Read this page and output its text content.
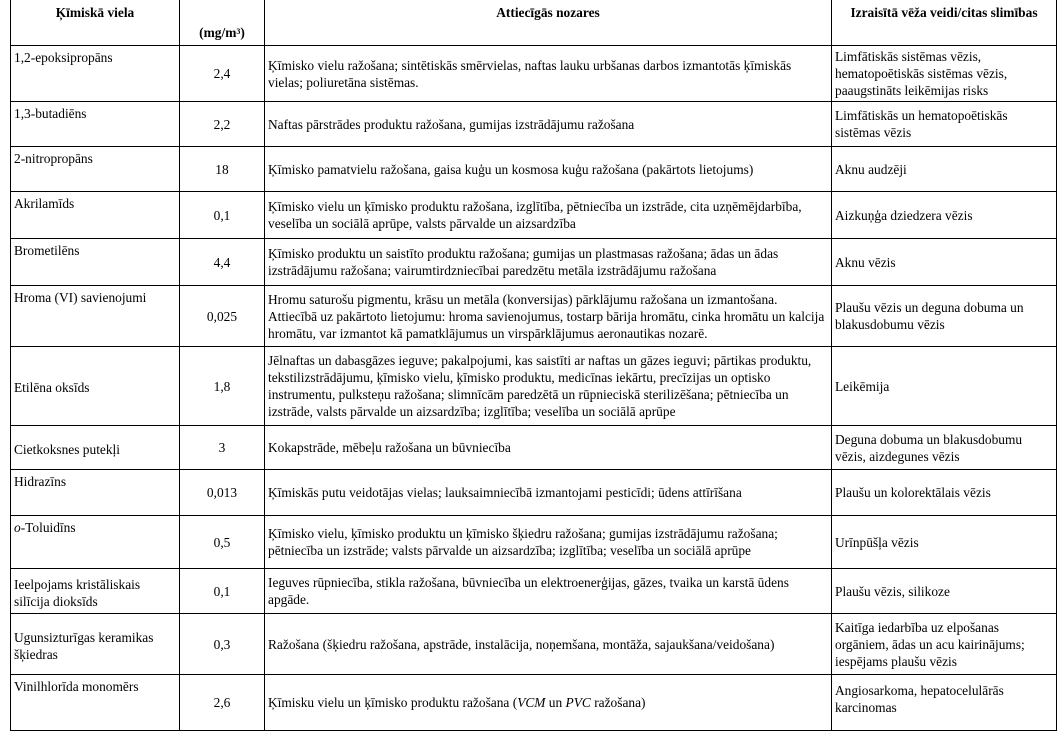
Ķīmiskā viela	$(mg/m^3)$	Attiecīgās nozares	Izraisītā vēža veidi/citas slimības
1,2-epoksipropāns	2,4	Ķīmisko vielu ražošana; sintētiskās smērvielas, naftas lauku urbšanas darbos izmantotās ķīmiskās vielas; poliuretāna sistēmas.	Limfātiskās sistēmas vēzis, hematopoētiskās sistēmas vēzis, paaugstināts leikēmijas risks
1,3-butadiēns	2,2	Naftas pārstrādes produktu ražošana, gumijas izstrādājumu ražošana	Limfātiskās un hematopoētiskās sistēmas vēzis
2-nitropropāns	18	Ķīmisko pamatvielu ražošana, gaisa kuģu un kosmosa kuģu ražošana (pakārtots lietojums)	Aknu audzēji
Akrilamīds	0,1	Ķīmisko vielu un ķīmisko produktu ražošana, izglītība, pētniecība un izstrāde, cita uzņēmējdarbība, veselība un sociālā aprūpe, valsts pārvalde un aizsardzība	Aizkuņģa dziedzera vēzis
Brometilēns	4,4	Ķīmisko produktu un saistīto produktu ražošana; gumijas un plastmasas ražošana; ādas un ādas izstrādājumu ražošana; vairumtirdzniecībai paredzētu metāla izstrādājumu ražošana	Aknu vēzis
Hroma (VI) savienojumi	0,025	Hromu saturošu pigmentu, krāsu un metāla (konversijas) pārklājumu ražošana un izmantošana. Attiecībā uz pakārtoto lietojumu: hroma savienojumus, tostarp bārija hromātu, cinka hromātu un kalcija hromātu, var izmantot kā pamatklājumus un virspārklājumus aeronautikas nozarē.	Plaušu vēzis un deguna dobuma un blakusdobumu vēzis
Etilēna oksīds	1,8	Jēlnaftas un dabasgāzes ieguve; pakalpojumi, kas saistīti ar naftas un gāzes ieguvi; pārtikas produktu, tekstilizstrādājumu, ķīmisko vielu, ķīmisko produktu, medicīnas iekārtu, precīzijas un optisko instrumentu, pulksteņu ražošana; slimnīcām paredzētā un rūpnieciskā sterilizēšana; pētniecība un izstrāde, valsts pārvalde un aizsardzība; izglītība; veselība un sociālā aprūpe	Leikēmija
Cietkoksnes putekļi	3	Kokapstrāde, mēbeļu ražošana un būvniecība	Deguna dobuma un blakusdobumu vēzis, aizdegunes vēzis
Hidrazīns	0,013	Ķīmiskās putu veidotājas vielas; lauksaimniecībā izmantojami pesticīdi; ūdens attīrīšana	Plaušu un kolorektālais vēzis
o-Toluidīns	0,5	Ķīmisko vielu, ķīmisko produktu un ķīmisko šķiedru ražošana; gumijas izstrādājumu ražošana; pētniecība un izstrāde; valsts pārvalde un aizsardzība; izglītība; veselība un sociālā aprūpe	Urīnpūšļa vēzis
Ieelpojams kristāliskais silīcija dioksīds	0,1	Ieguves rūpniecība, stikla ražošana, būvniecība un elektroenerģijas, gāzes, tvaika un karstā ūdens apgāde.	Plaušu vēzis, silikoze
Ugunsizturīgas keramikas šķiedras	0,3	Ražošana (šķiedru ražošana, apstrāde, instalācija, noņemšana, montāža, sajaukšana/veidošana)	Kaitīga iedarbība uz elpošanas orgāniem, ādas un acu kairinājums; iespējams plaušu vēzis
Vinilhlorīda monomērs	2,6	Ķīmisku vielu un ķīmisko produktu ražošana (VCM un PVC ražošana)	Angiosarkoma, hepatocelulārās karcinomas
